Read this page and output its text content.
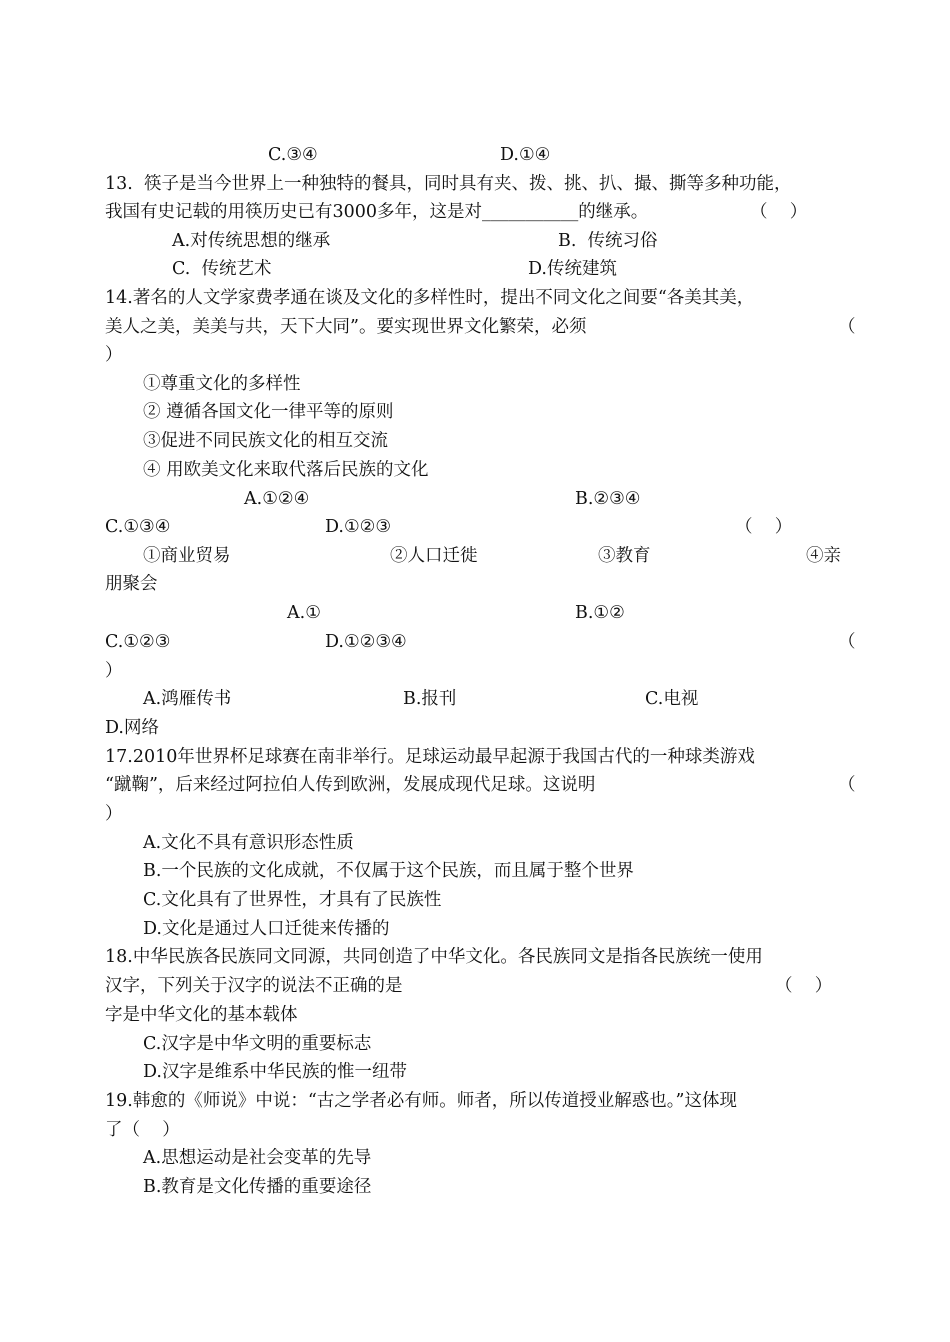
C.③④	D.①④

13.  筷子是当今世界上一种独特的餐具，同时具有夹、拨、挑、扒、撮、撕等多种功能，

我国有史记载的用筷历史已有3000多年，这是对___________的继承。	（    ）

A.对传统思想的继承	B.  传统习俗

C.  传统艺术	D.传统建筑

14.著名的人文学家费孝通在谈及文化的多样性时，提出不同文化之间要“各美其美，

美人之美，美美与共，天下大同”。要实现世界文化繁荣，必须	（

）

①尊重文化的多样性

② 遵循各国文化一律平等的原则

③促进不同民族文化的相互交流

④ 用欧美文化来取代落后民族的文化

A.①②④	B.②③④

C.①③④	D.①②③	（    ）

①商业贸易	②人口迁徙	③教育	④亲

朋聚会

A.①	B.①②

C.①②③	D.①②③④	（

）

A.鸿雁传书	B.报刊	C.电视

D.网络

17.2010年世界杯足球赛在南非举行。足球运动最早起源于我国古代的一种球类游戏

“蹴鞠”，后来经过阿拉伯人传到欧洲，发展成现代足球。这说明	（

）

A.文化不具有意识形态性质

B.一个民族的文化成就，不仅属于这个民族，而且属于整个世界

C.文化具有了世界性，才具有了民族性

D.文化是通过人口迁徙来传播的

18.中华民族各民族同文同源，共同创造了中华文化。各民族同文是指各民族统一使用

汉字，下列关于汉字的说法不正确的是	（    ）

字是中华文化的基本载体

C.汉字是中华文明的重要标志

D.汉字是维系中华民族的惟一纽带

19.韩愈的《师说》中说：“古之学者必有师。师者，所以传道授业解惑也。”这体现

了（    ）

A.思想运动是社会变革的先导

B.教育是文化传播的重要途径
